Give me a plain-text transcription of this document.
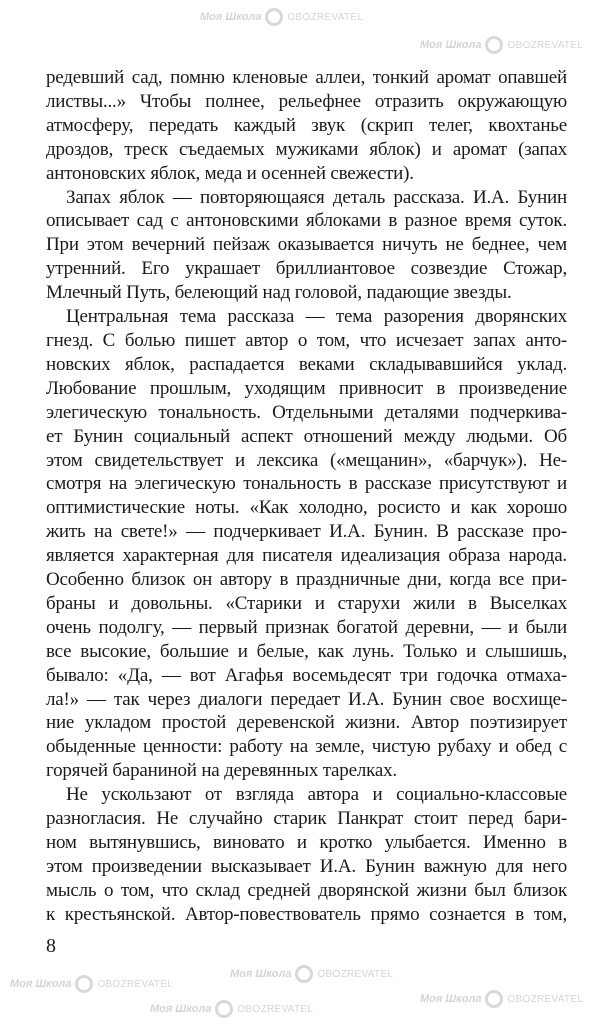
Моя Школа	OBOZREVATEL
Моя Школа	OBOZREVATEL
Моя Школа	OBOZREVATEL
Моя Школа	OBOZREVATEL
Моя Школа	OBOZREVATEL
Моя Школа	OBOZREVATEL
редевший сад, помню кленовые аллеи, тонкий аромат опавшей
листвы...» Чтобы полнее, рельефнее отразить окружающую
атмосферу, передать каждый звук (скрип телег, квохтанье
дроздов, треск съедаемых мужиками яблок) и аромат (запах
антоновских яблок, меда и осенней свежести).
Запах яблок — повторяющаяся деталь рассказа. И.А. Бунин
описывает сад с антоновскими яблоками в разное время суток.
При этом вечерний пейзаж оказывается ничуть не беднее, чем
утренний. Его украшает бриллиантовое созвездие Стожар,
Млечный Путь, белеющий над головой, падающие звезды.
Центральная тема рассказа — тема разорения дворянских
гнезд. С болью пишет автор о том, что исчезает запах анто-
новских яблок, распадается веками складывавшийся уклад.
Любование прошлым, уходящим привносит в произведение
элегическую тональность. Отдельными деталями подчеркива-
ет Бунин социальный аспект отношений между людьми. Об
этом свидетельствует и лексика («мещанин», «барчук»). Не-
смотря на элегическую тональность в рассказе присутствуют и
оптимистические ноты. «Как холодно, росисто и как хорошо
жить на свете!» — подчеркивает И.А. Бунин. В рассказе про-
является характерная для писателя идеализация образа народа.
Особенно близок он автору в праздничные дни, когда все при-
браны и довольны. «Старики и старухи жили в Выселках
очень подолгу, — первый признак богатой деревни, — и были
все высокие, большие и белые, как лунь. Только и слышишь,
бывало: «Да, — вот Агафья восемьдесят три годочка отмаха-
ла!» — так через диалоги передает И.А. Бунин свое восхище-
ние укладом простой деревенской жизни. Автор поэтизирует
обыденные ценности: работу на земле, чистую рубаху и обед с
горячей бараниной на деревянных тарелках.
Не ускользают от взгляда автора и социально-классовые
разногласия. Не случайно старик Панкрат стоит перед бари-
ном вытянувшись, виновато и кротко улыбается. Именно в
этом произведении высказывает И.А. Бунин важную для него
мысль о том, что склад средней дворянской жизни был близок
к крестьянской. Автор-повествователь прямо сознается в том,
8
